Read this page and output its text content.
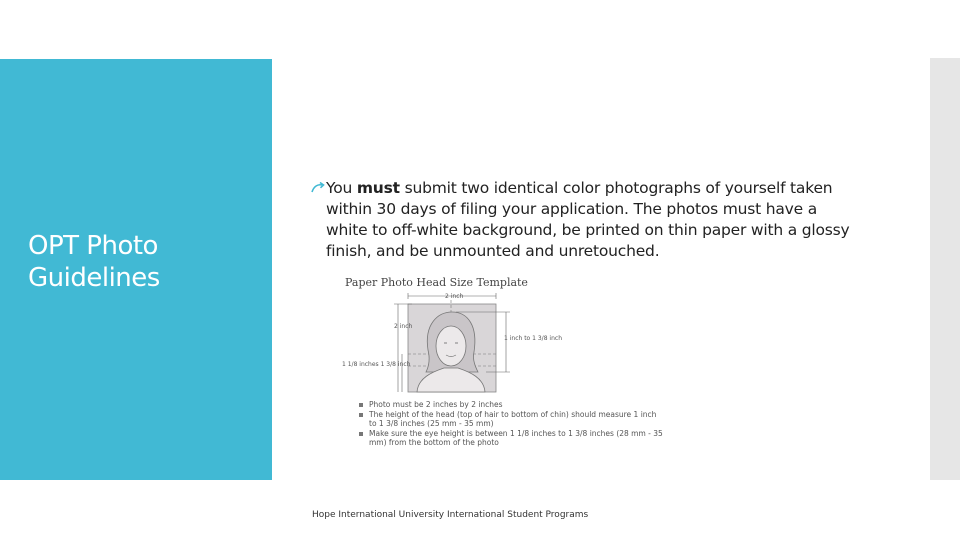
OPT Photo
Guidelines
You must submit two identical color photographs of yourself taken within 30 days of filing your application. The photos must have a white to off-white background, be printed on thin paper with a glossy finish, and be unmounted and unretouched.
Paper Photo Head Size Template
2 inch
2 inch
1 inch to 1 3/8 inch
1 1/8 inches 1 3/8 inch
Photo must be 2 inches by 2 inches
The height of the head (top of hair to bottom of chin) should measure 1 inch to 1 3/8 inches (25 mm - 35 mm)
Make sure the eye height is between 1 1/8 inches to 1 3/8 inches (28 mm - 35 mm) from the bottom of the photo
Hope International University International Student Programs
